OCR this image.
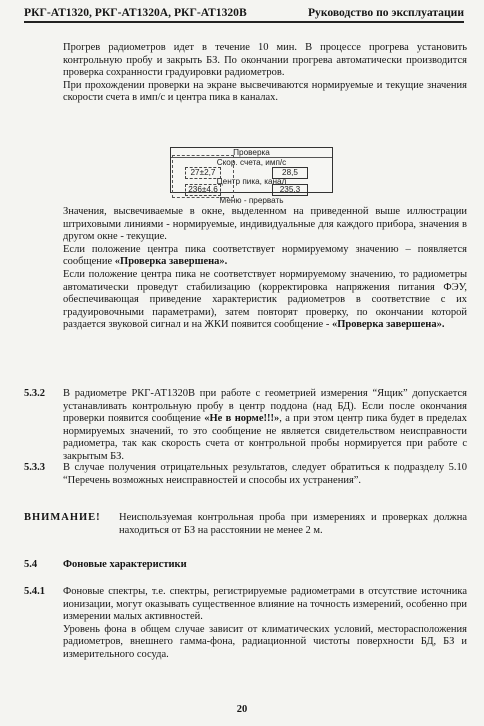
РКГ-АТ1320, РКГ-АТ1320А, РКГ-АТ1320В	Руководство по эксплуатации

Прогрев радиометров идет в течение 10 мин. В процессе прогрева установить контрольную пробу и закрыть БЗ. По окончании прогрева автоматически производится проверка сохранности градуировки радиометров.

При прохождении проверки на экране высвечиваются нормируемые и текущие значения скорости счета в имп/с и центра пика в каналах.

Проверка
Скор. счета, имп/с
27±2,7	28,5
Центр пика, канал
236±4,6	235,3
Меню - прервать

Значения, высвечиваемые в окне, выделенном на приведенной выше иллюстрации штриховыми линиями - нормируемые, индивидуальные для каждого прибора, значения в другом окне - текущие.

Если положение центра пика соответствует нормируемому значению – появляется сообщение «Проверка завершена».

Если положение центра пика не соответствует нормируемому значению, то радиометры автоматически проведут стабилизацию (корректировка напряжения питания ФЭУ, обеспечивающая приведение характеристик радиометров в соответствие с их градуировочными параметрами), затем повторят проверку, по окончании которой раздается звуковой сигнал и на ЖКИ появится сообщение - «Проверка завершена».

5.3.2	В радиометре РКГ-АТ1320В при работе с геометрией измерения “Ящик” допускается устанавливать контрольную пробу в центр поддона (над БД). Если после окончания проверки появится сообщение «Не в норме!!!», а при этом центр пика будет в пределах нормируемых значений, то это сообщение не является свидетельством неисправности радиометра, так как скорость счета от контрольной пробы нормируется при работе с закрытым БЗ.

5.3.3	В случае получения отрицательных результатов, следует обратиться к подразделу 5.10 “Перечень возможных неисправностей и способы их устранения”.

ВНИМАНИЕ! Неиспользуемая контрольная проба при измерениях и проверках должна находиться от БЗ на расстоянии не менее 2 м.
5.4	Фоновые характеристики
5.4.1	Фоновые спектры, т.е. спектры, регистрируемые радиометрами в отсутствие источника ионизации, могут оказывать существенное влияние на точность измерений, особенно при измерении малых активностей.

Уровень фона в общем случае зависит от климатических условий, месторасположения радиометров, внешнего гамма-фона, радиационной чистоты поверхности БД, БЗ и измерительного сосуда.

20
